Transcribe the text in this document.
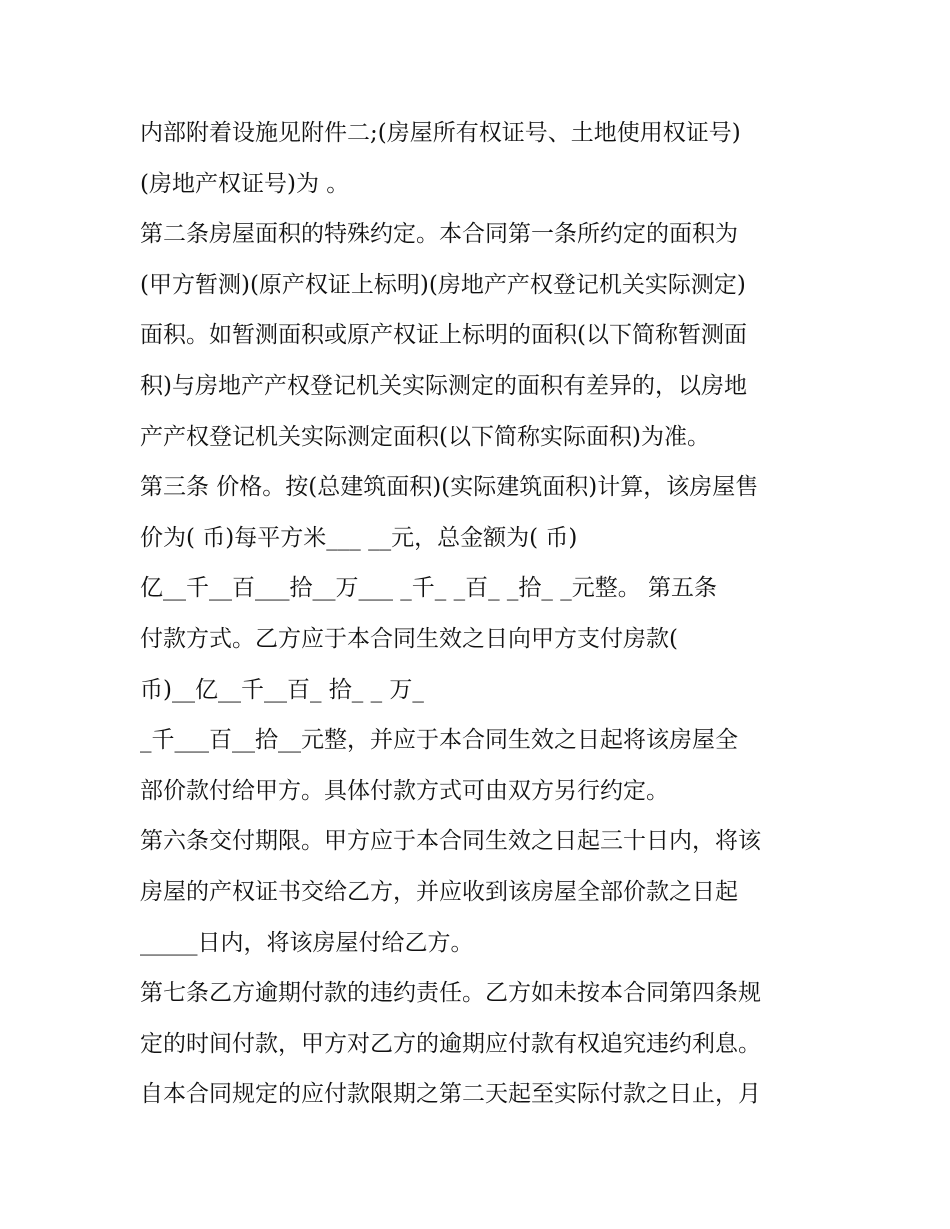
内部附着设施见附件二;(房屋所有权证号、土地使用权证号)
(房地产权证号)为 。
第二条房屋面积的特殊约定。本合同第一条所约定的面积为
(甲方暂测)(原产权证上标明)(房地产产权登记机关实际测定)
面积。如暂测面积或原产权证上标明的面积(以下简称暂测面
积)与房地产产权登记机关实际测定的面积有差异的，以房地
产产权登记机关实际测定面积(以下简称实际面积)为准。
第三条 价格。按(总建筑面积)(实际建筑面积)计算，该房屋售
价为( 币)每平方米___ __元，总金额为( 币)
亿__千__百___拾__万___ _千_ _百_ _拾_ _元整。 第五条
付款方式。乙方应于本合同生效之日向甲方支付房款(
币)__亿__千__百_ 拾_ _ 万_
_千___百__拾__元整，并应于本合同生效之日起将该房屋全
部价款付给甲方。具体付款方式可由双方另行约定。
第六条交付期限。甲方应于本合同生效之日起三十日内，将该
房屋的产权证书交给乙方，并应收到该房屋全部价款之日起
_____日内，将该房屋付给乙方。
第七条乙方逾期付款的违约责任。乙方如未按本合同第四条规
定的时间付款，甲方对乙方的逾期应付款有权追究违约利息。
自本合同规定的应付款限期之第二天起至实际付款之日止，月
